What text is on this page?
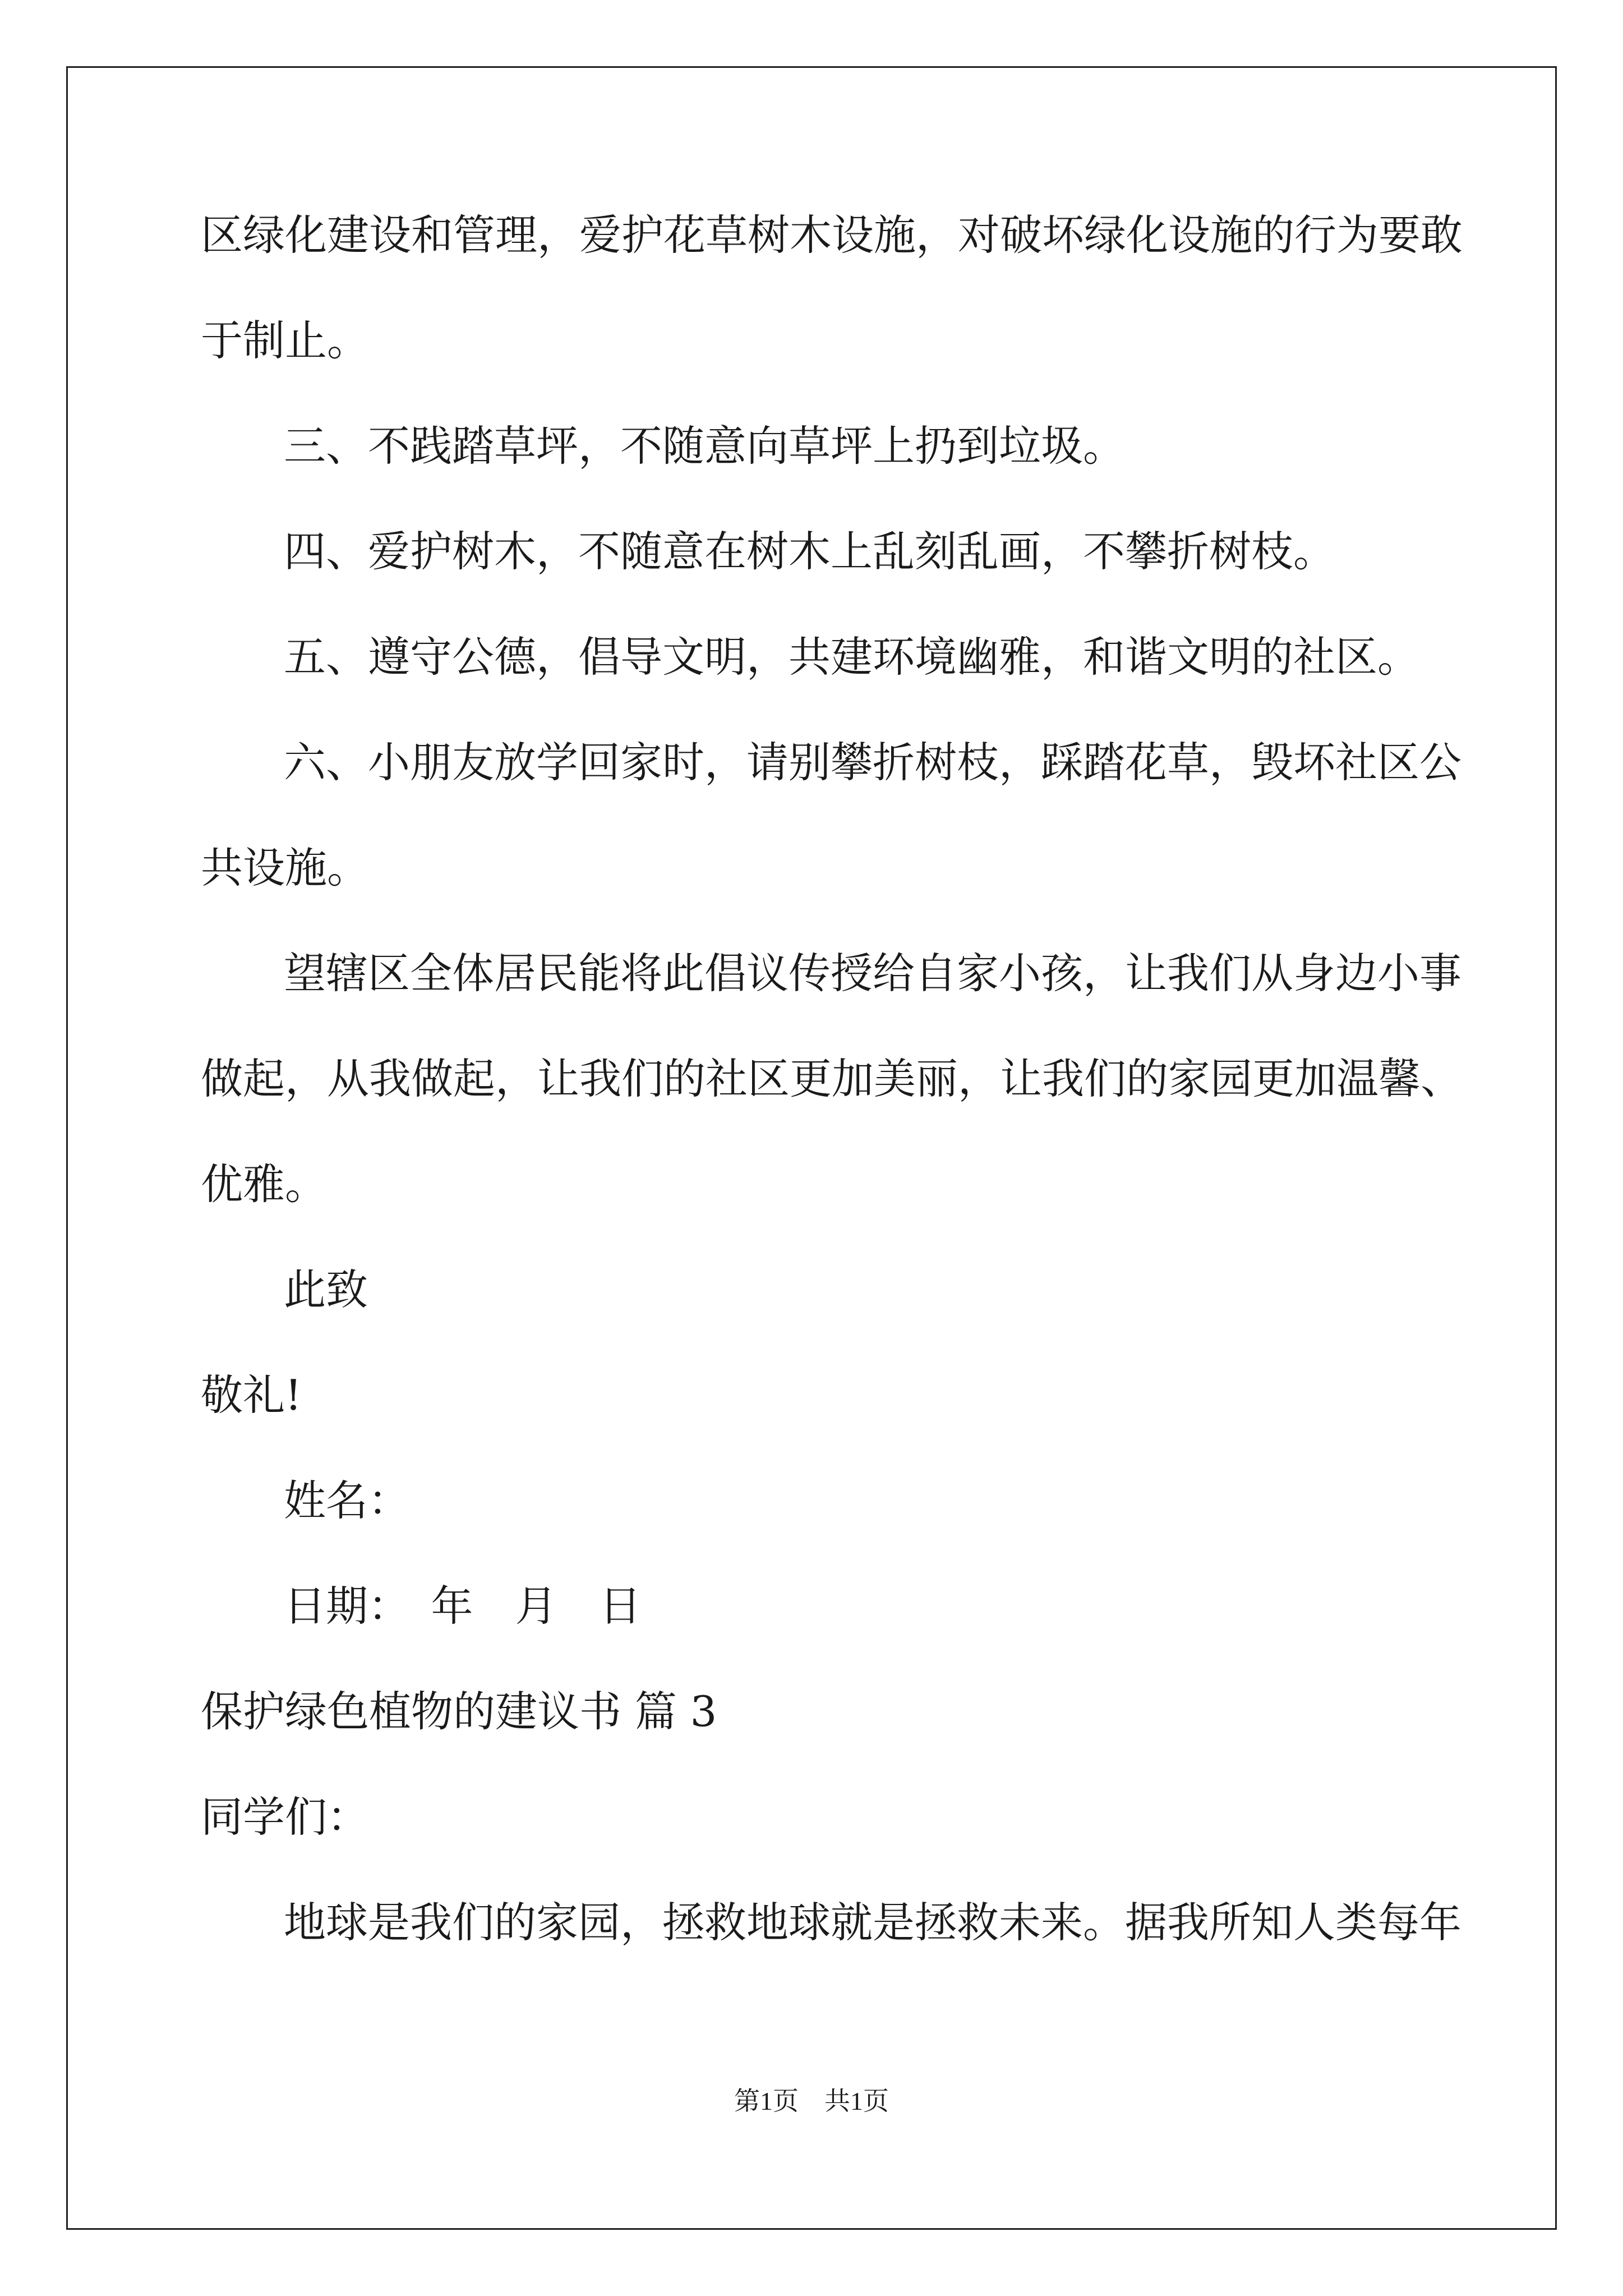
区绿化建设和管理，爱护花草树木设施，对破坏绿化设施的行为要敢
于制止。
三、不践踏草坪，不随意向草坪上扔到垃圾。
四、爱护树木，不随意在树木上乱刻乱画，不攀折树枝。
五、遵守公德，倡导文明，共建环境幽雅，和谐文明的社区。
六、小朋友放学回家时，请别攀折树枝，踩踏花草，毁坏社区公
共设施。
望辖区全体居民能将此倡议传授给自家小孩，让我们从身边小事
做起，从我做起，让我们的社区更加美丽，让我们的家园更加温馨、
优雅。
此致
敬礼!
姓名：
日期：　年　月　日
保护绿色植物的建议书 篇 3
同学们：
地球是我们的家园，拯救地球就是拯救未来。据我所知人类每年
第1页 共1页
